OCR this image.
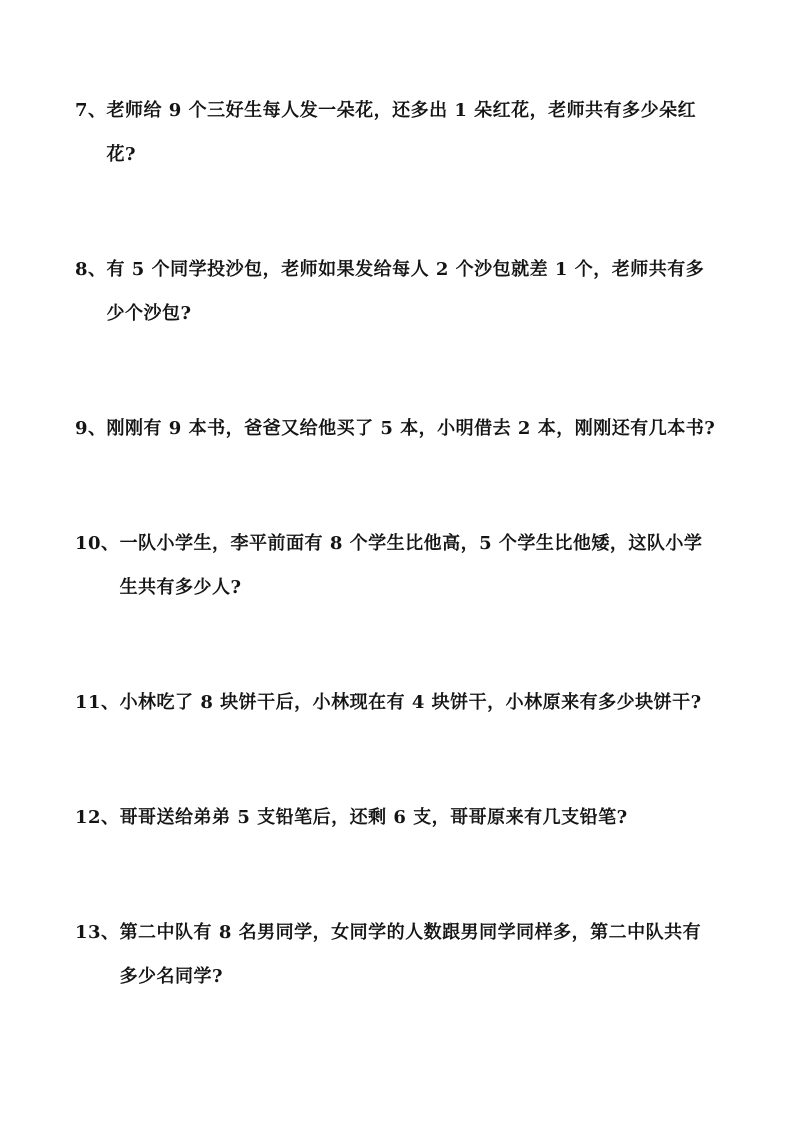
7、 老师给 9 个三好生每人发一朵花，还多出 1 朵红花，老师共有多少朵红花?
8、 有 5 个同学投沙包，老师如果发给每人 2 个沙包就差 1 个，老师共有多少个沙包?
9、 刚刚有 9 本书，爸爸又给他买了 5 本，小明借去 2 本，刚刚还有几本书?
10、 一队小学生，李平前面有 8 个学生比他高，5 个学生比他矮，这队小学生共有多少人?
11、 小林吃了 8 块饼干后，小林现在有 4 块饼干，小林原来有多少块饼干?
12、 哥哥送给弟弟 5 支铅笔后，还剩 6 支，哥哥原来有几支铅笔?
13、 第二中队有 8 名男同学，女同学的人数跟男同学同样多，第二中队共有多少名同学?
